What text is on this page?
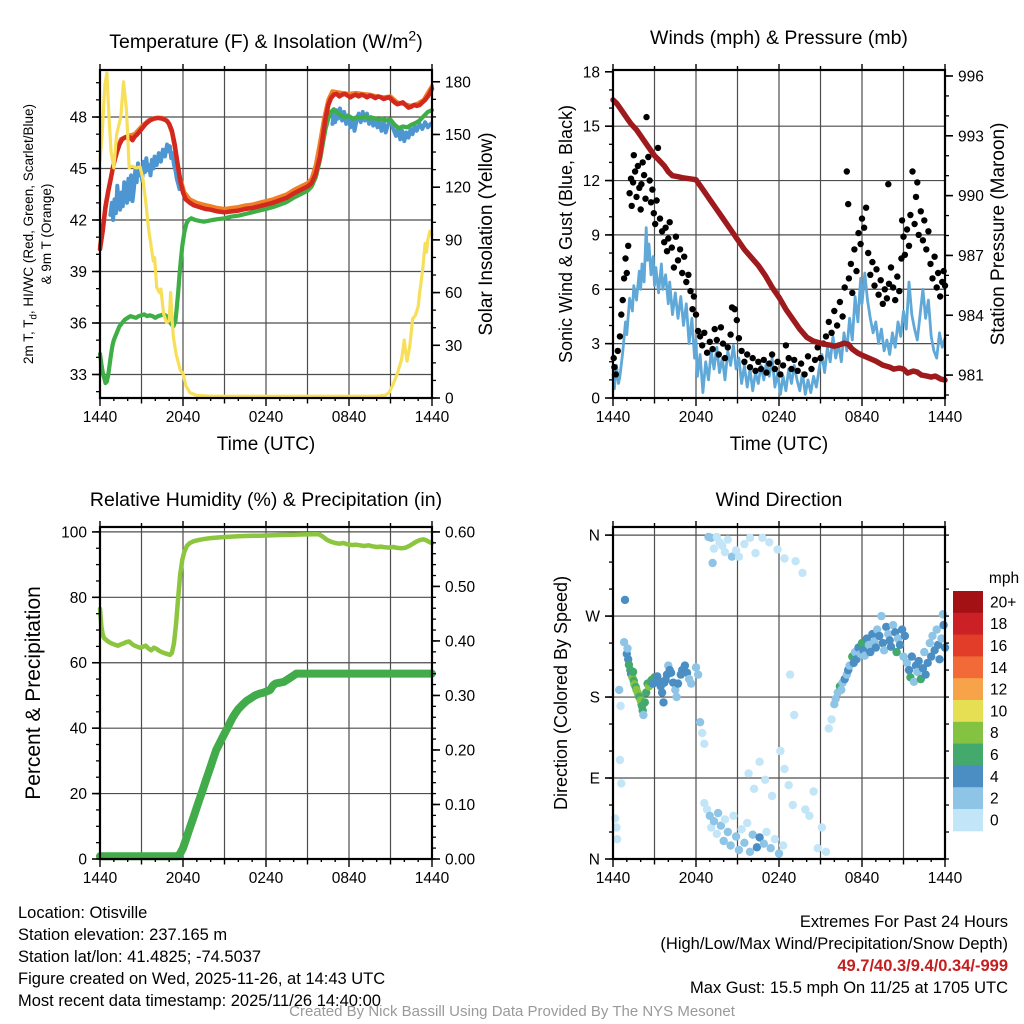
1440	2040	0240	0840	1440
Time (UTC)
33
36
39
42
45
48
2m T, $T_d$, HI/WC (Red, Green, Scarlet/Blue) & 9m T (Orange)
0
30
60
90
120
150
180
Solar Insolation (Yellow)
Temperature (F) & Insolation $(W/m^2)$
1440	2040	0240	0840	1440
Time (UTC)
0
3
6
9
12
15
18
Sonic Wind & Gust (Blue, Black)
981
984
987
990
993
996
Station Pressure (Maroon)
Winds (mph) & Pressure (mb)
1440	2040	0240	0840	1440
0
20
40
60
80
100
Percent & Precipitation
0.00
0.10
0.20
0.30
0.40
0.50
0.60
Relative Humidity (%) & Precipitation (in)
1440	2040	0240	0840	1440
N
E
S
W
N
Direction (Colored By Speed)
Wind Direction
mph
20+
18
16
14
12
10
8
6
4
2
0
Location: Otisville
Station elevation: 237.165 m
Station lat/lon: 41.4825; -74.5037
Figure created on Wed, 2025-11-26, at 14:43 UTC
Most recent data timestamp: 2025/11/26 14:40:00
Extremes For Past 24 Hours
(High/Low/Max Wind/Precipitation/Snow Depth)
49.7/40.3/9.4/0.34/-999
Max Gust: 15.5 mph On 11/25 at 1705 UTC
Created By Nick Bassill Using Data Provided By The NYS Mesonet
